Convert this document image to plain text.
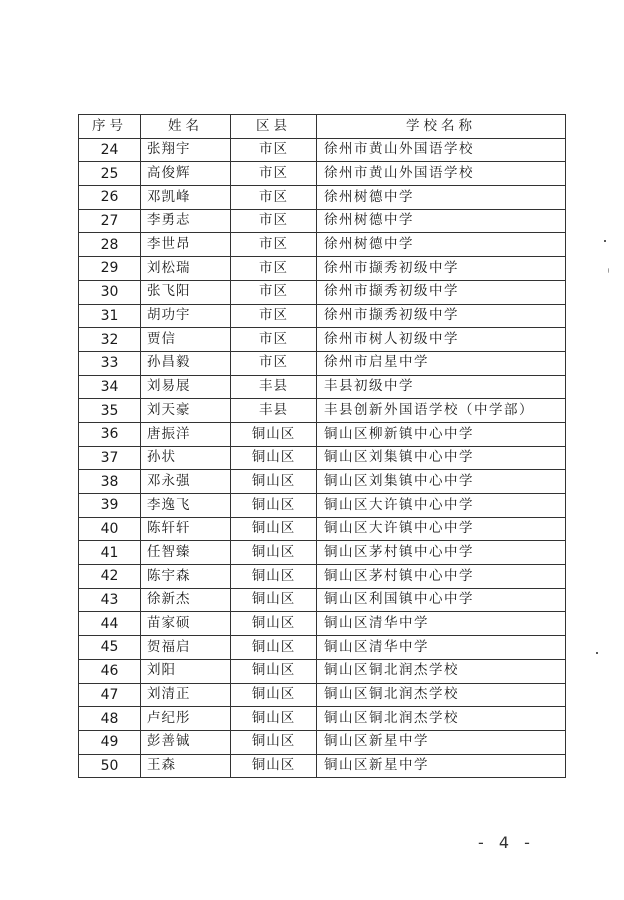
序号	姓名	区县	学校名称
24	张翔宇	市区	徐州市黄山外国语学校
25	高俊辉	市区	徐州市黄山外国语学校
26	邓凯峰	市区	徐州树德中学
27	李勇志	市区	徐州树德中学
28	李世昂	市区	徐州树德中学
29	刘松瑞	市区	徐州市撷秀初级中学
30	张飞阳	市区	徐州市撷秀初级中学
31	胡功宇	市区	徐州市撷秀初级中学
32	贾信	市区	徐州市树人初级中学
33	孙昌毅	市区	徐州市启星中学
34	刘易展	丰县	丰县初级中学
35	刘天豪	丰县	丰县创新外国语学校（中学部）
36	唐振洋	铜山区	铜山区柳新镇中心中学
37	孙状	铜山区	铜山区刘集镇中心中学
38	邓永强	铜山区	铜山区刘集镇中心中学
39	李逸飞	铜山区	铜山区大许镇中心中学
40	陈轩轩	铜山区	铜山区大许镇中心中学
41	任智臻	铜山区	铜山区茅村镇中心中学
42	陈宇森	铜山区	铜山区茅村镇中心中学
43	徐新杰	铜山区	铜山区利国镇中心中学
44	苗家硕	铜山区	铜山区清华中学
45	贺福启	铜山区	铜山区清华中学
46	刘阳	铜山区	铜山区铜北润杰学校
47	刘清正	铜山区	铜山区铜北润杰学校
48	卢纪彤	铜山区	铜山区铜北润杰学校
49	彭善铖	铜山区	铜山区新星中学
50	王森	铜山区	铜山区新星中学
- 4 -
